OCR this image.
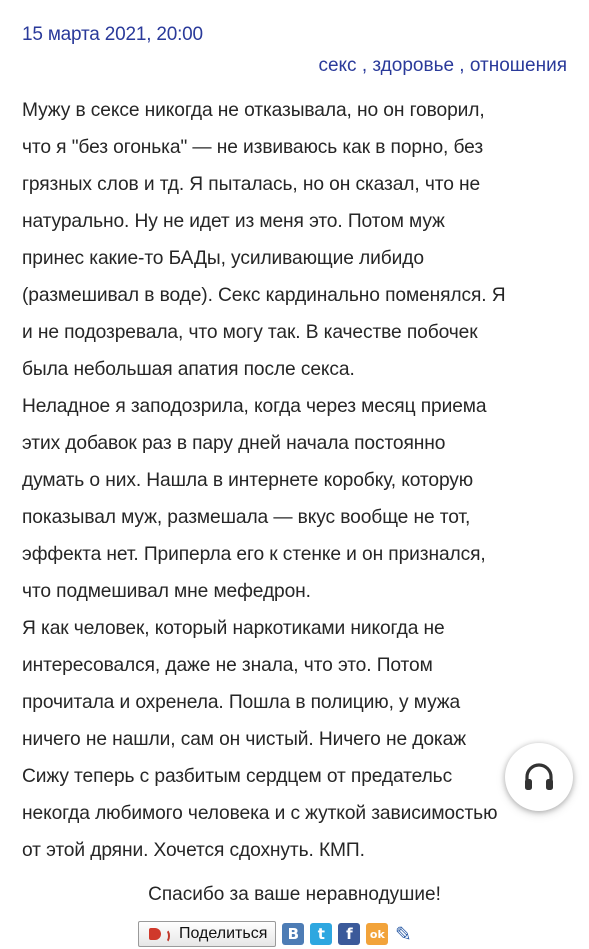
15 марта 2021, 20:00
секс , здоровье , отношения
Мужу в сексе никогда не отказывала, но он говорил,
что я "без огонька" — не извиваюсь как в порно, без
грязных слов и тд. Я пыталась, но он сказал, что не
натурально. Ну не идет из меня это. Потом муж
принес какие-то БАДы, усиливающие либидо
(размешивал в воде). Секс кардинально поменялся. Я
и не подозревала, что могу так. В качестве побочек
была небольшая апатия после секса.
Неладное я заподозрила, когда через месяц приема
этих добавок раз в пару дней начала постоянно
думать о них. Нашла в интернете коробку, которую
показывал муж, размешала — вкус вообще не тот,
эффекта нет. Приперла его к стенке и он признался,
что подмешивал мне мефедрон.
Я как человек, который наркотиками никогда не
интересовался, даже не знала, что это. Потом
прочитала и охренела. Пошла в полицию, у мужа
ничего не нашли, сам он чистый. Ничего не докаж
Сижу теперь с разбитым сердцем от предательс
некогда любимого человека и с жуткой зависимостью
от этой дряни. Хочется сдохнуть. КМП.
Спасибо за ваше неравнодушие!
Поделиться	В	t	f	ok ✎
